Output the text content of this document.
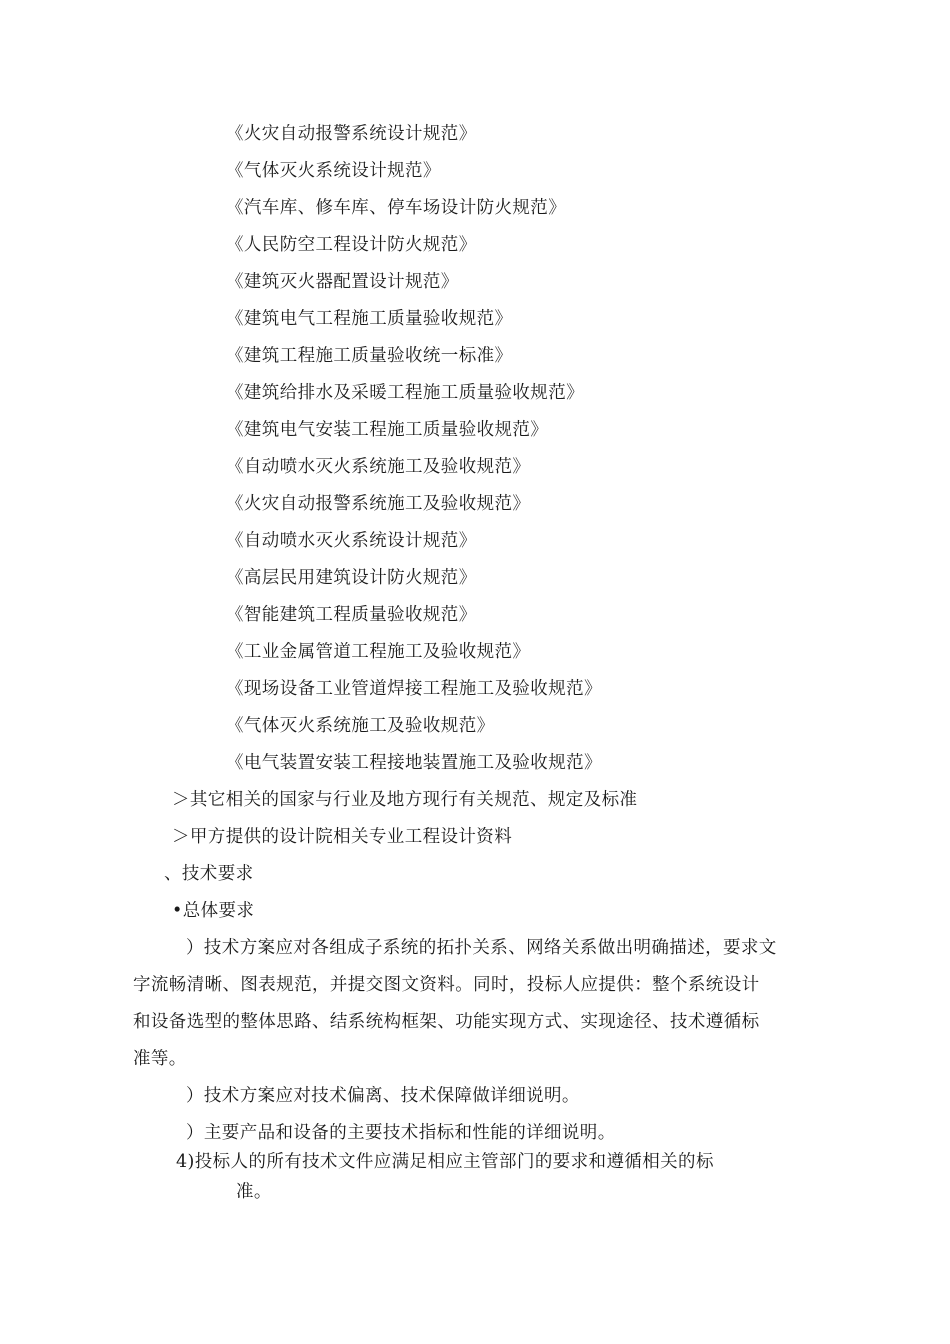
《火灾自动报警系统设计规范》
《气体灭火系统设计规范》
《汽车库、修车库、停车场设计防火规范》
《人民防空工程设计防火规范》
《建筑灭火器配置设计规范》
《建筑电气工程施工质量验收规范》
《建筑工程施工质量验收统一标准》
《建筑给排水及采暖工程施工质量验收规范》
《建筑电气安装工程施工质量验收规范》
《自动喷水灭火系统施工及验收规范》
《火灾自动报警系统施工及验收规范》
《自动喷水灭火系统设计规范》
《高层民用建筑设计防火规范》
《智能建筑工程质量验收规范》
《工业金属管道工程施工及验收规范》
《现场设备工业管道焊接工程施工及验收规范》
《气体灭火系统施工及验收规范》
《电气装置安装工程接地装置施工及验收规范》
＞其它相关的国家与行业及地方现行有关规范、规定及标准
＞甲方提供的设计院相关专业工程设计资料
、技术要求
•总体要求
）技术方案应对各组成子系统的拓扑关系、网络关系做出明确描述，要求文
字流畅清晰、图表规范，并提交图文资料。同时，投标人应提供：整个系统设计
和设备选型的整体思路、结系统构框架、功能实现方式、实现途径、技术遵循标
准等。
）技术方案应对技术偏离、技术保障做详细说明。
）主要产品和设备的主要技术指标和性能的详细说明。
4)投标人的所有技术文件应满足相应主管部门的要求和遵循相关的标
准。
